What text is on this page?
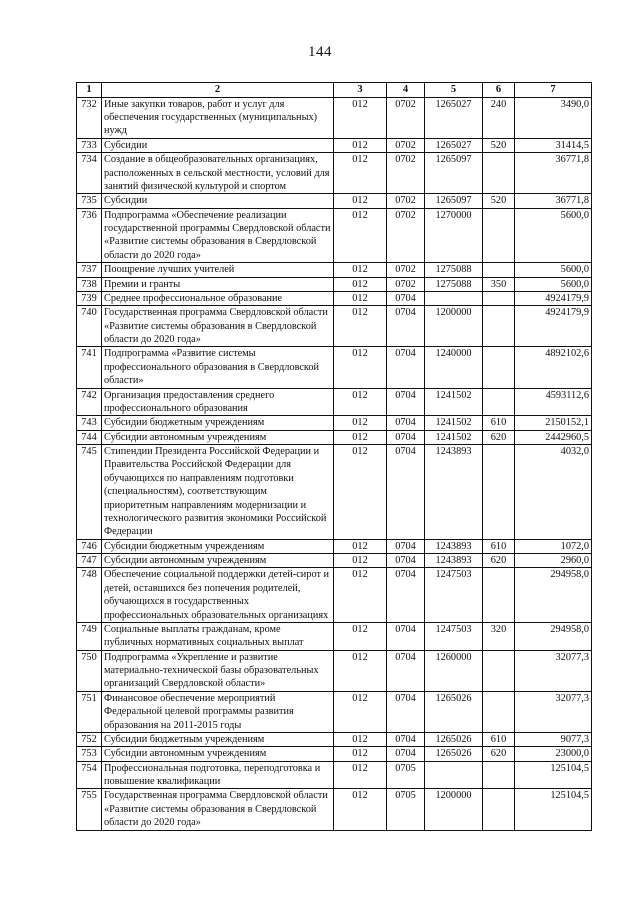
144
1	2	3	4	5	6	7
732	Иные закупки товаров, работ и услуг для обеспечения государственных (муниципальных) нужд	012	0702	1265027	240	3490,0
733	Субсидии	012	0702	1265027	520	31414,5
734	Создание в общеобразовательных организациях, расположенных в сельской местности, условий для занятий физической культурой и спортом	012	0702	1265097		36771,8
735	Субсидии	012	0702	1265097	520	36771,8
736	Подпрограмма «Обеспечение реализации государственной программы Свердловской области «Развитие системы образования в Свердловской области до 2020 года»	012	0702	1270000		5600,0
737	Поощрение лучших учителей	012	0702	1275088		5600,0
738	Премии и гранты	012	0702	1275088	350	5600,0
739	Среднее профессиональное образование	012	0704			4924179,9
740	Государственная программа Свердловской области «Развитие системы образования в Свердловской области до 2020 года»	012	0704	1200000		4924179,9
741	Подпрограмма «Развитие системы профессионального образования в Свердловской области»	012	0704	1240000		4892102,6
742	Организация предоставления среднего профессионального образования	012	0704	1241502		4593112,6
743	Субсидии бюджетным учреждениям	012	0704	1241502	610	2150152,1
744	Субсидии автономным учреждениям	012	0704	1241502	620	2442960,5
745	Стипендии Президента Российской Федерации и Правительства Российской Федерации для обучающихся по направлениям подготовки (специальностям), соответствующим приоритетным направлениям модернизации и технологического развития экономики Российской Федерации	012	0704	1243893		4032,0
746	Субсидии бюджетным учреждениям	012	0704	1243893	610	1072,0
747	Субсидии автономным учреждениям	012	0704	1243893	620	2960,0
748	Обеспечение социальной поддержки детей-сирот и детей, оставшихся без попечения родителей, обучающихся в государственных профессиональных образовательных организациях	012	0704	1247503		294958,0
749	Социальные выплаты гражданам, кроме публичных нормативных социальных выплат	012	0704	1247503	320	294958,0
750	Подпрограмма «Укрепление и развитие материально-технической базы образовательных организаций Свердловской области»	012	0704	1260000		32077,3
751	Финансовое обеспечение мероприятий Федеральной целевой программы развития образования на 2011-2015 годы	012	0704	1265026		32077,3
752	Субсидии бюджетным учреждениям	012	0704	1265026	610	9077,3
753	Субсидии автономным учреждениям	012	0704	1265026	620	23000,0
754	Профессиональная подготовка, переподготовка и повышение квалификации	012	0705			125104,5
755	Государственная программа Свердловской области «Развитие системы образования в Свердловской области до 2020 года»	012	0705	1200000		125104,5
